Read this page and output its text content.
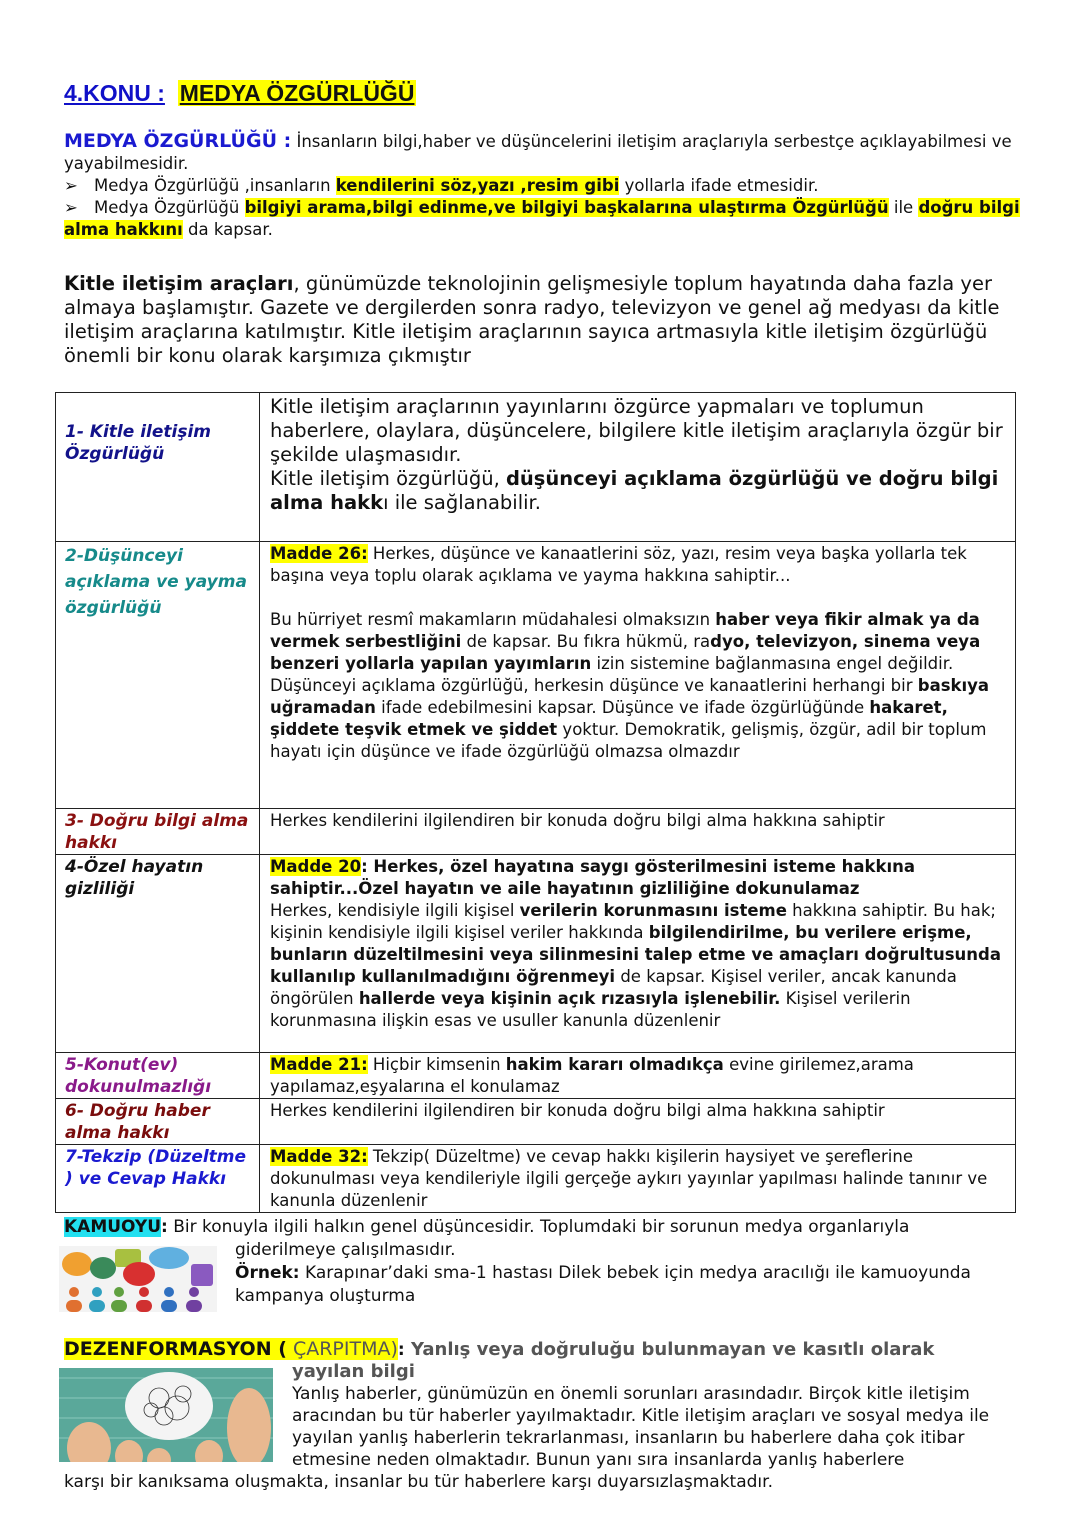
4.KONU : MEDYA ÖZGÜRLÜĞÜ
MEDYA ÖZGÜRLÜĞÜ : İnsanların bilgi,haber ve düşüncelerini iletişim araçlarıyla serbestçe açıklayabilmesi ve yayabilmesidir.
➢ Medya Özgürlüğü ,insanların kendilerini söz,yazı ,resim gibi yollarla ifade etmesidir.
➢ Medya Özgürlüğü bilgiyi arama,bilgi edinme,ve bilgiyi başkalarına ulaştırma Özgürlüğü ile doğru bilgi alma hakkını da kapsar.
Kitle iletişim araçları, günümüzde teknolojinin gelişmesiyle toplum hayatında daha fazla yer almaya başlamıştır. Gazete ve dergilerden sonra radyo, televizyon ve genel ağ medyası da kitle iletişim araçlarına katılmıştır. Kitle iletişim araçlarının sayıca artmasıyla kitle iletişim özgürlüğü önemli bir konu olarak karşımıza çıkmıştır
1- Kitle iletişim Özgürlüğü	Kitle iletişim araçlarının yayınlarını özgürce yapmaları ve toplumun haberlere, olaylara, düşüncelere, bilgilere kitle iletişim araçlarıyla özgür bir şekilde ulaşmasıdır.
Kitle iletişim özgürlüğü, düşünceyi açıklama özgürlüğü ve doğru bilgi alma hakkı ile sağlanabilir.

2-Düşünceyi açıklama ve yayma özgürlüğü	Madde 26: Herkes, düşünce ve kanaatlerini söz, yazı, resim veya başka yollarla tek başına veya toplu olarak açıklama ve yayma hakkına sahiptir...
Bu hürriyet resmî makamların müdahalesi olmaksızın haber veya fikir almak ya da vermek serbestliğini de kapsar. Bu fıkra hükmü, radyo, televizyon, sinema veya benzeri yollarla yapılan yayımların izin sistemine bağlanmasına engel değildir.
Düşünceyi açıklama özgürlüğü, herkesin düşünce ve kanaatlerini herhangi bir baskıya uğramadan ifade edebilmesini kapsar. Düşünce ve ifade özgürlüğünde hakaret, şiddete teşvik etmek ve şiddet yoktur. Demokratik, gelişmiş, özgür, adil bir toplum hayatı için düşünce ve ifade özgürlüğü olmazsa olmazdır

3- Doğru bilgi alma hakkı	Herkes kendilerini ilgilendiren bir konuda doğru bilgi alma hakkına sahiptir

4-Özel hayatın gizliliği	Madde 20: Herkes, özel hayatına saygı gösterilmesini isteme hakkına sahiptir...Özel hayatın ve aile hayatının gizliliğine dokunulamaz
Herkes, kendisiyle ilgili kişisel verilerin korunmasını isteme hakkına sahiptir. Bu hak; kişinin kendisiyle ilgili kişisel veriler hakkında bilgilendirilme, bu verilere erişme, bunların düzeltilmesini veya silinmesini talep etme ve amaçları doğrultusunda kullanılıp kullanılmadığını öğrenmeyi de kapsar. Kişisel veriler, ancak kanunda öngörülen hallerde veya kişinin açık rızasıyla işlenebilir. Kişisel verilerin korunmasına ilişkin esas ve usuller kanunla düzenlenir

5-Konut(ev) dokunulmazlığı	Madde 21: Hiçbir kimsenin hakim kararı olmadıkça evine girilemez,arama yapılamaz,eşyalarına el konulamaz

6- Doğru haber alma hakkı	Herkes kendilerini ilgilendiren bir konuda doğru bilgi alma hakkına sahiptir

7-Tekzip (Düzeltme ) ve Cevap Hakkı	Madde 32: Tekzip( Düzeltme) ve cevap hakkı kişilerin haysiyet ve şereflerine dokunulması veya kendileriyle ilgili gerçeğe aykırı yayınlar yapılması halinde tanınır ve kanunla düzenlenir
KAMUOYU: Bir konuyla ilgili halkın genel düşüncesidir. Toplumdaki bir sorunun medya organlarıyla
giderilmeye çalışılmasıdır.
Örnek: Karapınar’daki sma-1 hastası Dilek bebek için medya aracılığı ile kamuoyunda kampanya oluşturma
DEZENFORMASYON ( ÇARPITMA): Yanlış veya doğruluğu bulunmayan ve kasıtlı olarak
yayılan bilgi
Yanlış haberler, günümüzün en önemli sorunları arasındadır. Birçok kitle iletişim aracından bu tür haberler yayılmaktadır. Kitle iletişim araçları ve sosyal medya ile yayılan yanlış haberlerin tekrarlanması, insanların bu haberlere daha çok itibar etmesine neden olmaktadır. Bunun yanı sıra insanlarda yanlış haberlere
karşı bir kanıksama oluşmakta, insanlar bu tür haberlere karşı duyarsızlaşmaktadır.
